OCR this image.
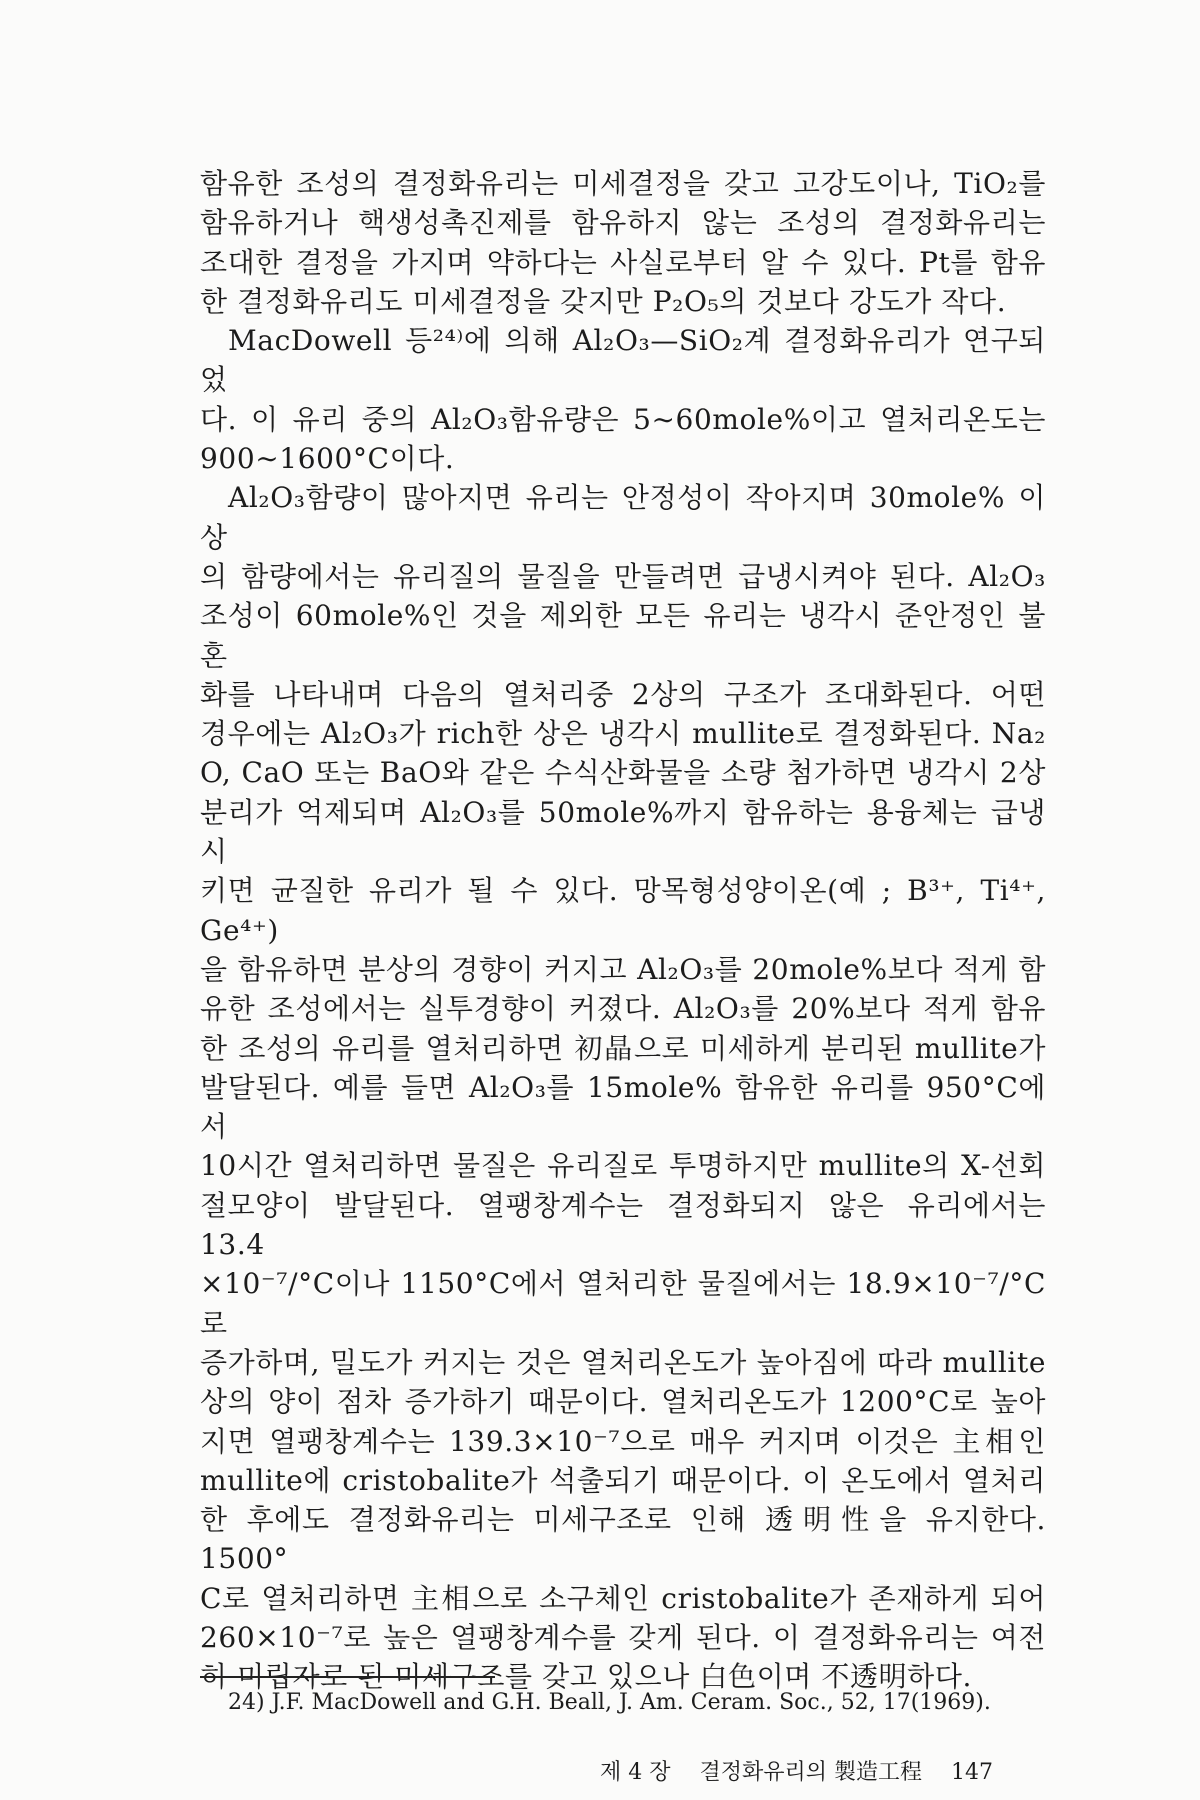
함유한 조성의 결정화유리는 미세결정을 갖고 고강도이나, TiO₂를
함유하거나 핵생성촉진제를 함유하지 않는 조성의 결정화유리는
조대한 결정을 가지며 약하다는 사실로부터 알 수 있다. Pt를 함유
한 결정화유리도 미세결정을 갖지만 P₂O₅의 것보다 강도가 작다.
MacDowell 등²⁴⁾에 의해 Al₂O₃—SiO₂계 결정화유리가 연구되었
다. 이 유리 중의 Al₂O₃함유량은 5∼60mole%이고 열처리온도는
900∼1600°C이다.
Al₂O₃함량이 많아지면 유리는 안정성이 작아지며 30mole% 이상
의 함량에서는 유리질의 물질을 만들려면 급냉시켜야 된다. Al₂O₃
조성이 60mole%인 것을 제외한 모든 유리는 냉각시 준안정인 불혼
화를 나타내며 다음의 열처리중 2상의 구조가 조대화된다. 어떤
경우에는 Al₂O₃가 rich한 상은 냉각시 mullite로 결정화된다. Na₂
O, CaO 또는 BaO와 같은 수식산화물을 소량 첨가하면 냉각시 2상
분리가 억제되며 Al₂O₃를 50mole%까지 함유하는 용융체는 급냉시
키면 균질한 유리가 될 수 있다. 망목형성양이온(예 ; B³⁺, Ti⁴⁺, Ge⁴⁺)
을 함유하면 분상의 경향이 커지고 Al₂O₃를 20mole%보다 적게 함
유한 조성에서는 실투경향이 커졌다. Al₂O₃를 20%보다 적게 함유
한 조성의 유리를 열처리하면 初晶으로 미세하게 분리된 mullite가
발달된다. 예를 들면 Al₂O₃를 15mole% 함유한 유리를 950°C에서
10시간 열처리하면 물질은 유리질로 투명하지만 mullite의 X-선회
절모양이 발달된다. 열팽창계수는 결정화되지 않은 유리에서는 13.4
×10⁻⁷/°C이나 1150°C에서 열처리한 물질에서는 18.9×10⁻⁷/°C로
증가하며, 밀도가 커지는 것은 열처리온도가 높아짐에 따라 mullite
상의 양이 점차 증가하기 때문이다. 열처리온도가 1200°C로 높아
지면 열팽창계수는 139.3×10⁻⁷으로 매우 커지며 이것은 主相인
mullite에 cristobalite가 석출되기 때문이다. 이 온도에서 열처리
한 후에도 결정화유리는 미세구조로 인해 透明性을 유지한다. 1500°
C로 열처리하면 主相으로 소구체인 cristobalite가 존재하게 되어
260×10⁻⁷로 높은 열팽창계수를 갖게 된다. 이 결정화유리는 여전
히 미립자로 된 미세구조를 갖고 있으나 白色이며 不透明하다.
24) J.F. MacDowell and G.H. Beall, J. Am. Ceram. Soc., 52, 17(1969).
제 4 장 결정화유리의 製造工程 147
